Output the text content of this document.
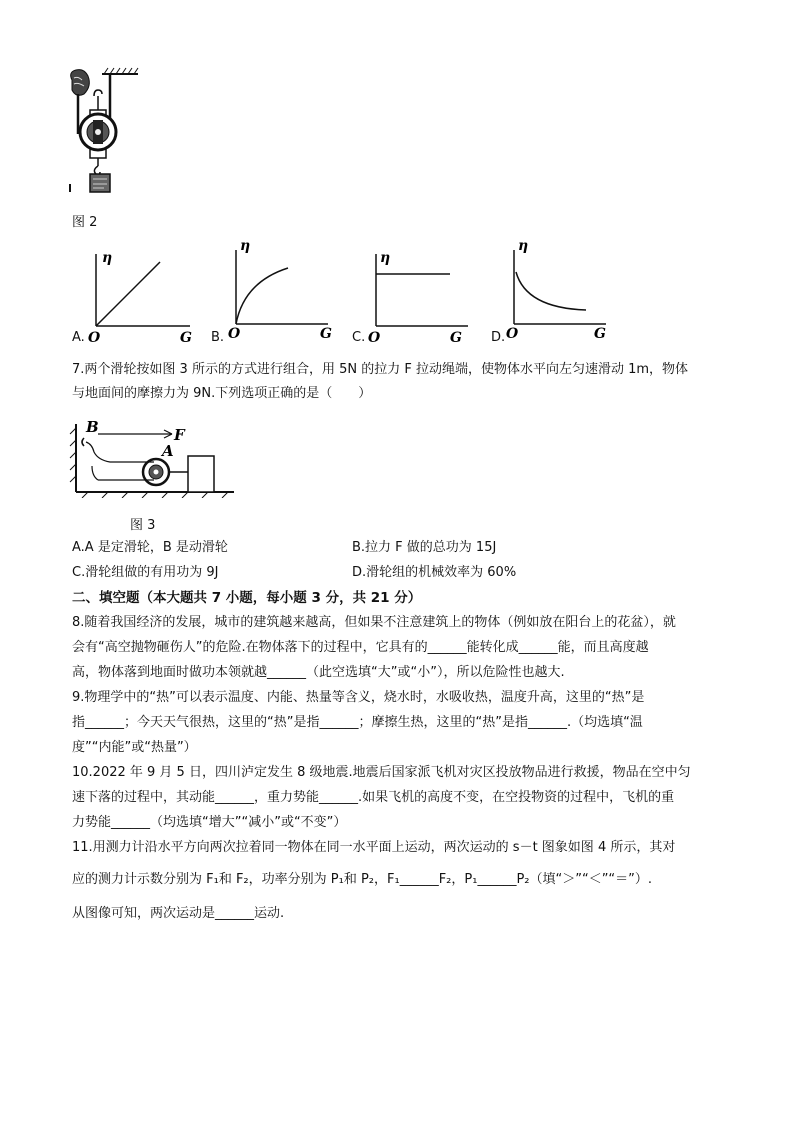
图 2
η
O	G
A.
η
O	G
B.
η
O	G
C.
η
O	G
D.
7.两个滑轮按如图 3 所示的方式进行组合，用 5N 的拉力 F 拉动绳端，使物体水平向左匀速滑动 1m，物体
与地面间的摩擦力为 9N.下列选项正确的是（　　）
B	F
A
图 3
A.A 是定滑轮，B 是动滑轮	B.拉力 F 做的总功为 15J
C.滑轮组做的有用功为 9J	D.滑轮组的机械效率为 60%
二、填空题（本大题共 7 小题，每小题 3 分，共 21 分）
8.随着我国经济的发展，城市的建筑越来越高，但如果不注意建筑上的物体（例如放在阳台上的花盆），就
会有“高空抛物砸伤人”的危险.在物体落下的过程中，它具有的______能转化成______能，而且高度越
高，物体落到地面时做功本领就越______（此空选填“大”或“小”），所以危险性也越大.
9.物理学中的“热”可以表示温度、内能、热量等含义，烧水时，水吸收热，温度升高，这里的“热”是
指______；今天天气很热，这里的“热”是指______；摩擦生热，这里的“热”是指______.（均选填“温
度”“内能”或“热量”）
10.2022 年 9 月 5 日，四川泸定发生 8 级地震.地震后国家派飞机对灾区投放物品进行救援，物品在空中匀
速下落的过程中，其动能______，重力势能______.如果飞机的高度不变，在空投物资的过程中，飞机的重
力势能______（均选填“增大”“减小”或“不变”）
11.用测力计沿水平方向两次拉着同一物体在同一水平面上运动，两次运动的 s－t 图象如图 4 所示，其对
应的测力计示数分别为 F₁和 F₂，功率分别为 P₁和 P₂，F₁______F₂，P₁______P₂（填“＞”“＜”“＝”）.
从图像可知，两次运动是______运动.
